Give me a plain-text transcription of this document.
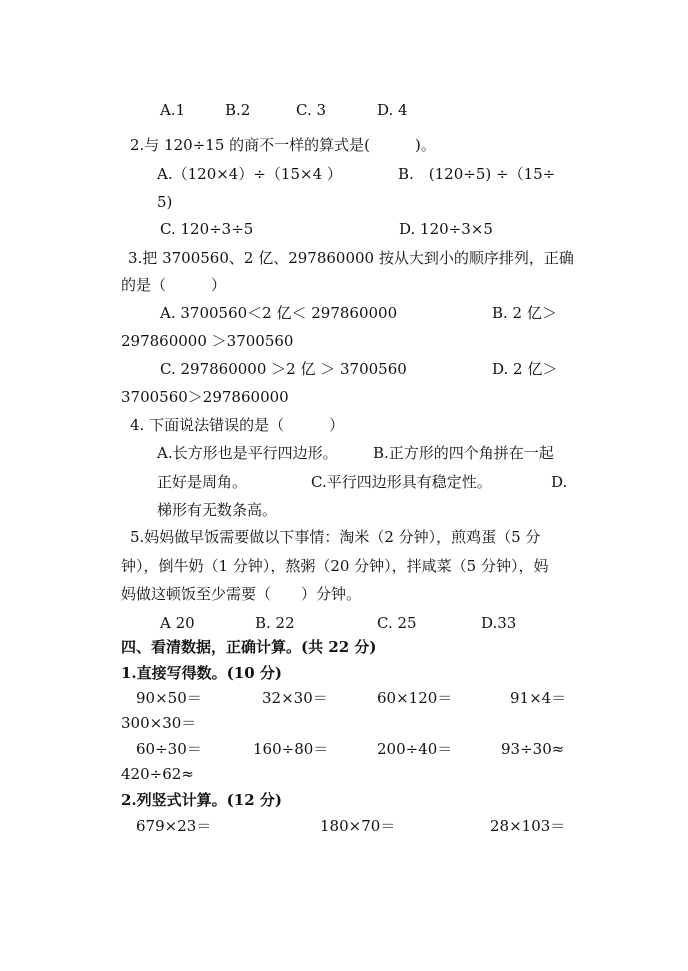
A.1	B.2	C. 3	D. 4
2.与 120÷15 的商不一样的算式是(　　　)。
A.（120×4）÷（15×4 ）	B.　(120÷5) ÷（15÷
5)
C. 120÷3÷5	D. 120÷3×5
3.把 3700560、2 亿、297860000 按从大到小的顺序排列，正确
的是（　　　）
A. 3700560＜2 亿＜ 297860000	B. 2 亿＞
297860000 ＞3700560
C. 297860000 ＞2 亿 ＞ 3700560	D. 2 亿＞
3700560＞297860000
4. 下面说法错误的是（　　　）
A.长方形也是平行四边形。 B.正方形的四个角拼在一起
正好是周角。	C.平行四边形具有稳定性。	D.
梯形有无数条高。
5.妈妈做早饭需要做以下事情：淘米（2 分钟），煎鸡蛋（5 分
钟），倒牛奶（1 分钟），熬粥（20 分钟），拌咸菜（5 分钟），妈
妈做这顿饭至少需要（　　）分钟。
A 20	B. 22	C. 25	D.33
四、看清数据，正确计算。(共 22 分)
1.直接写得数。(10 分)
90×50＝	32×30＝	60×120＝	91×4＝
300×30＝
60÷30＝	160÷80＝	200÷40＝	93÷30≈
420÷62≈
2.列竖式计算。(12 分)
679×23＝	180×70＝	28×103＝
